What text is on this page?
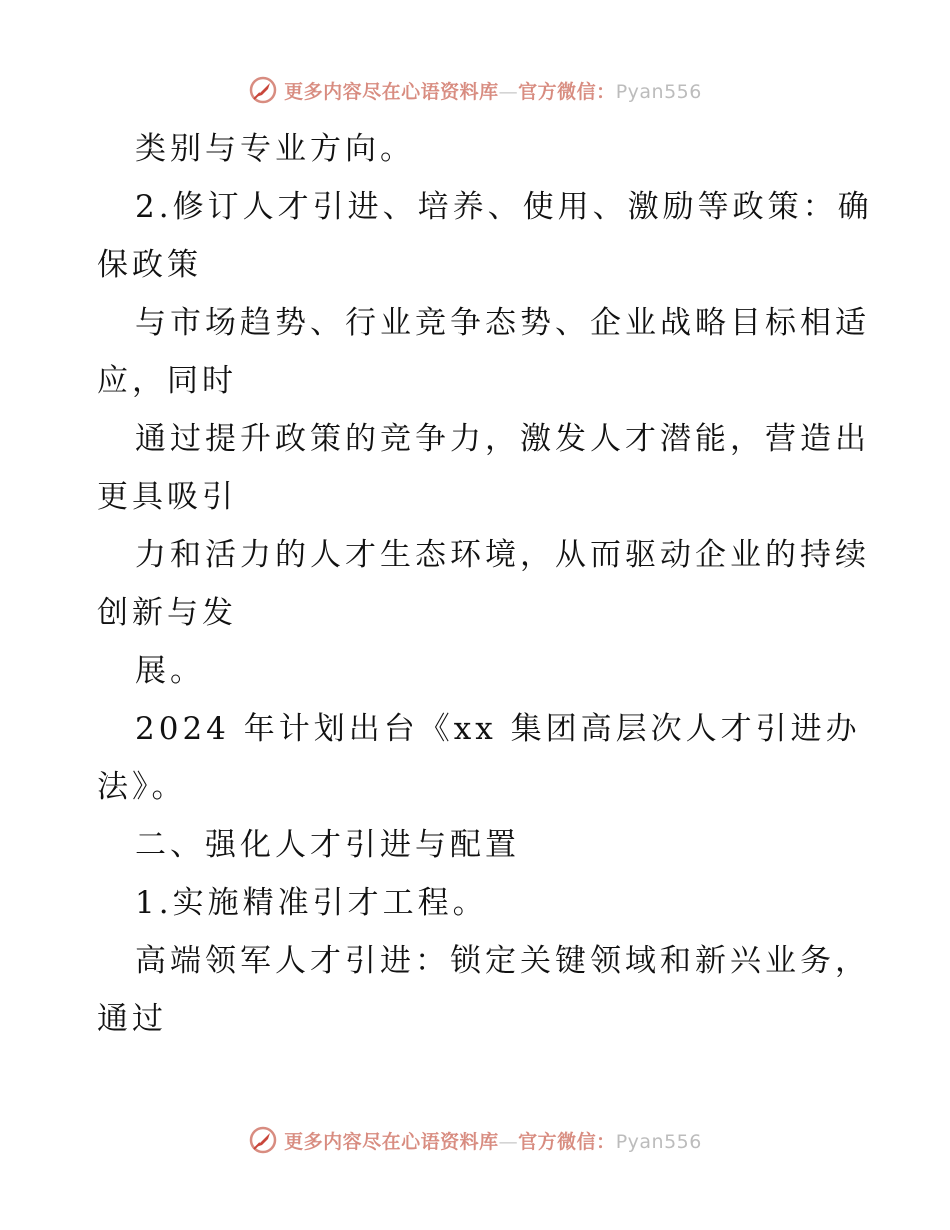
更多内容尽在心语资料库—官方微信：Pyan556

类别与专业方向。

2.修订人才引进、培养、使用、激励等政策：确

保政策

与市场趋势、行业竞争态势、企业战略目标相适

应，同时

通过提升政策的竞争力，激发人才潜能，营造出

更具吸引

力和活力的人才生态环境，从而驱动企业的持续

创新与发

展。

2024 年计划出台《xx 集团高层次人才引进办

法》。

二、强化人才引进与配置

1.实施精准引才工程。

高端领军人才引进：锁定关键领域和新兴业务，

通过

更多内容尽在心语资料库—官方微信：Pyan556
